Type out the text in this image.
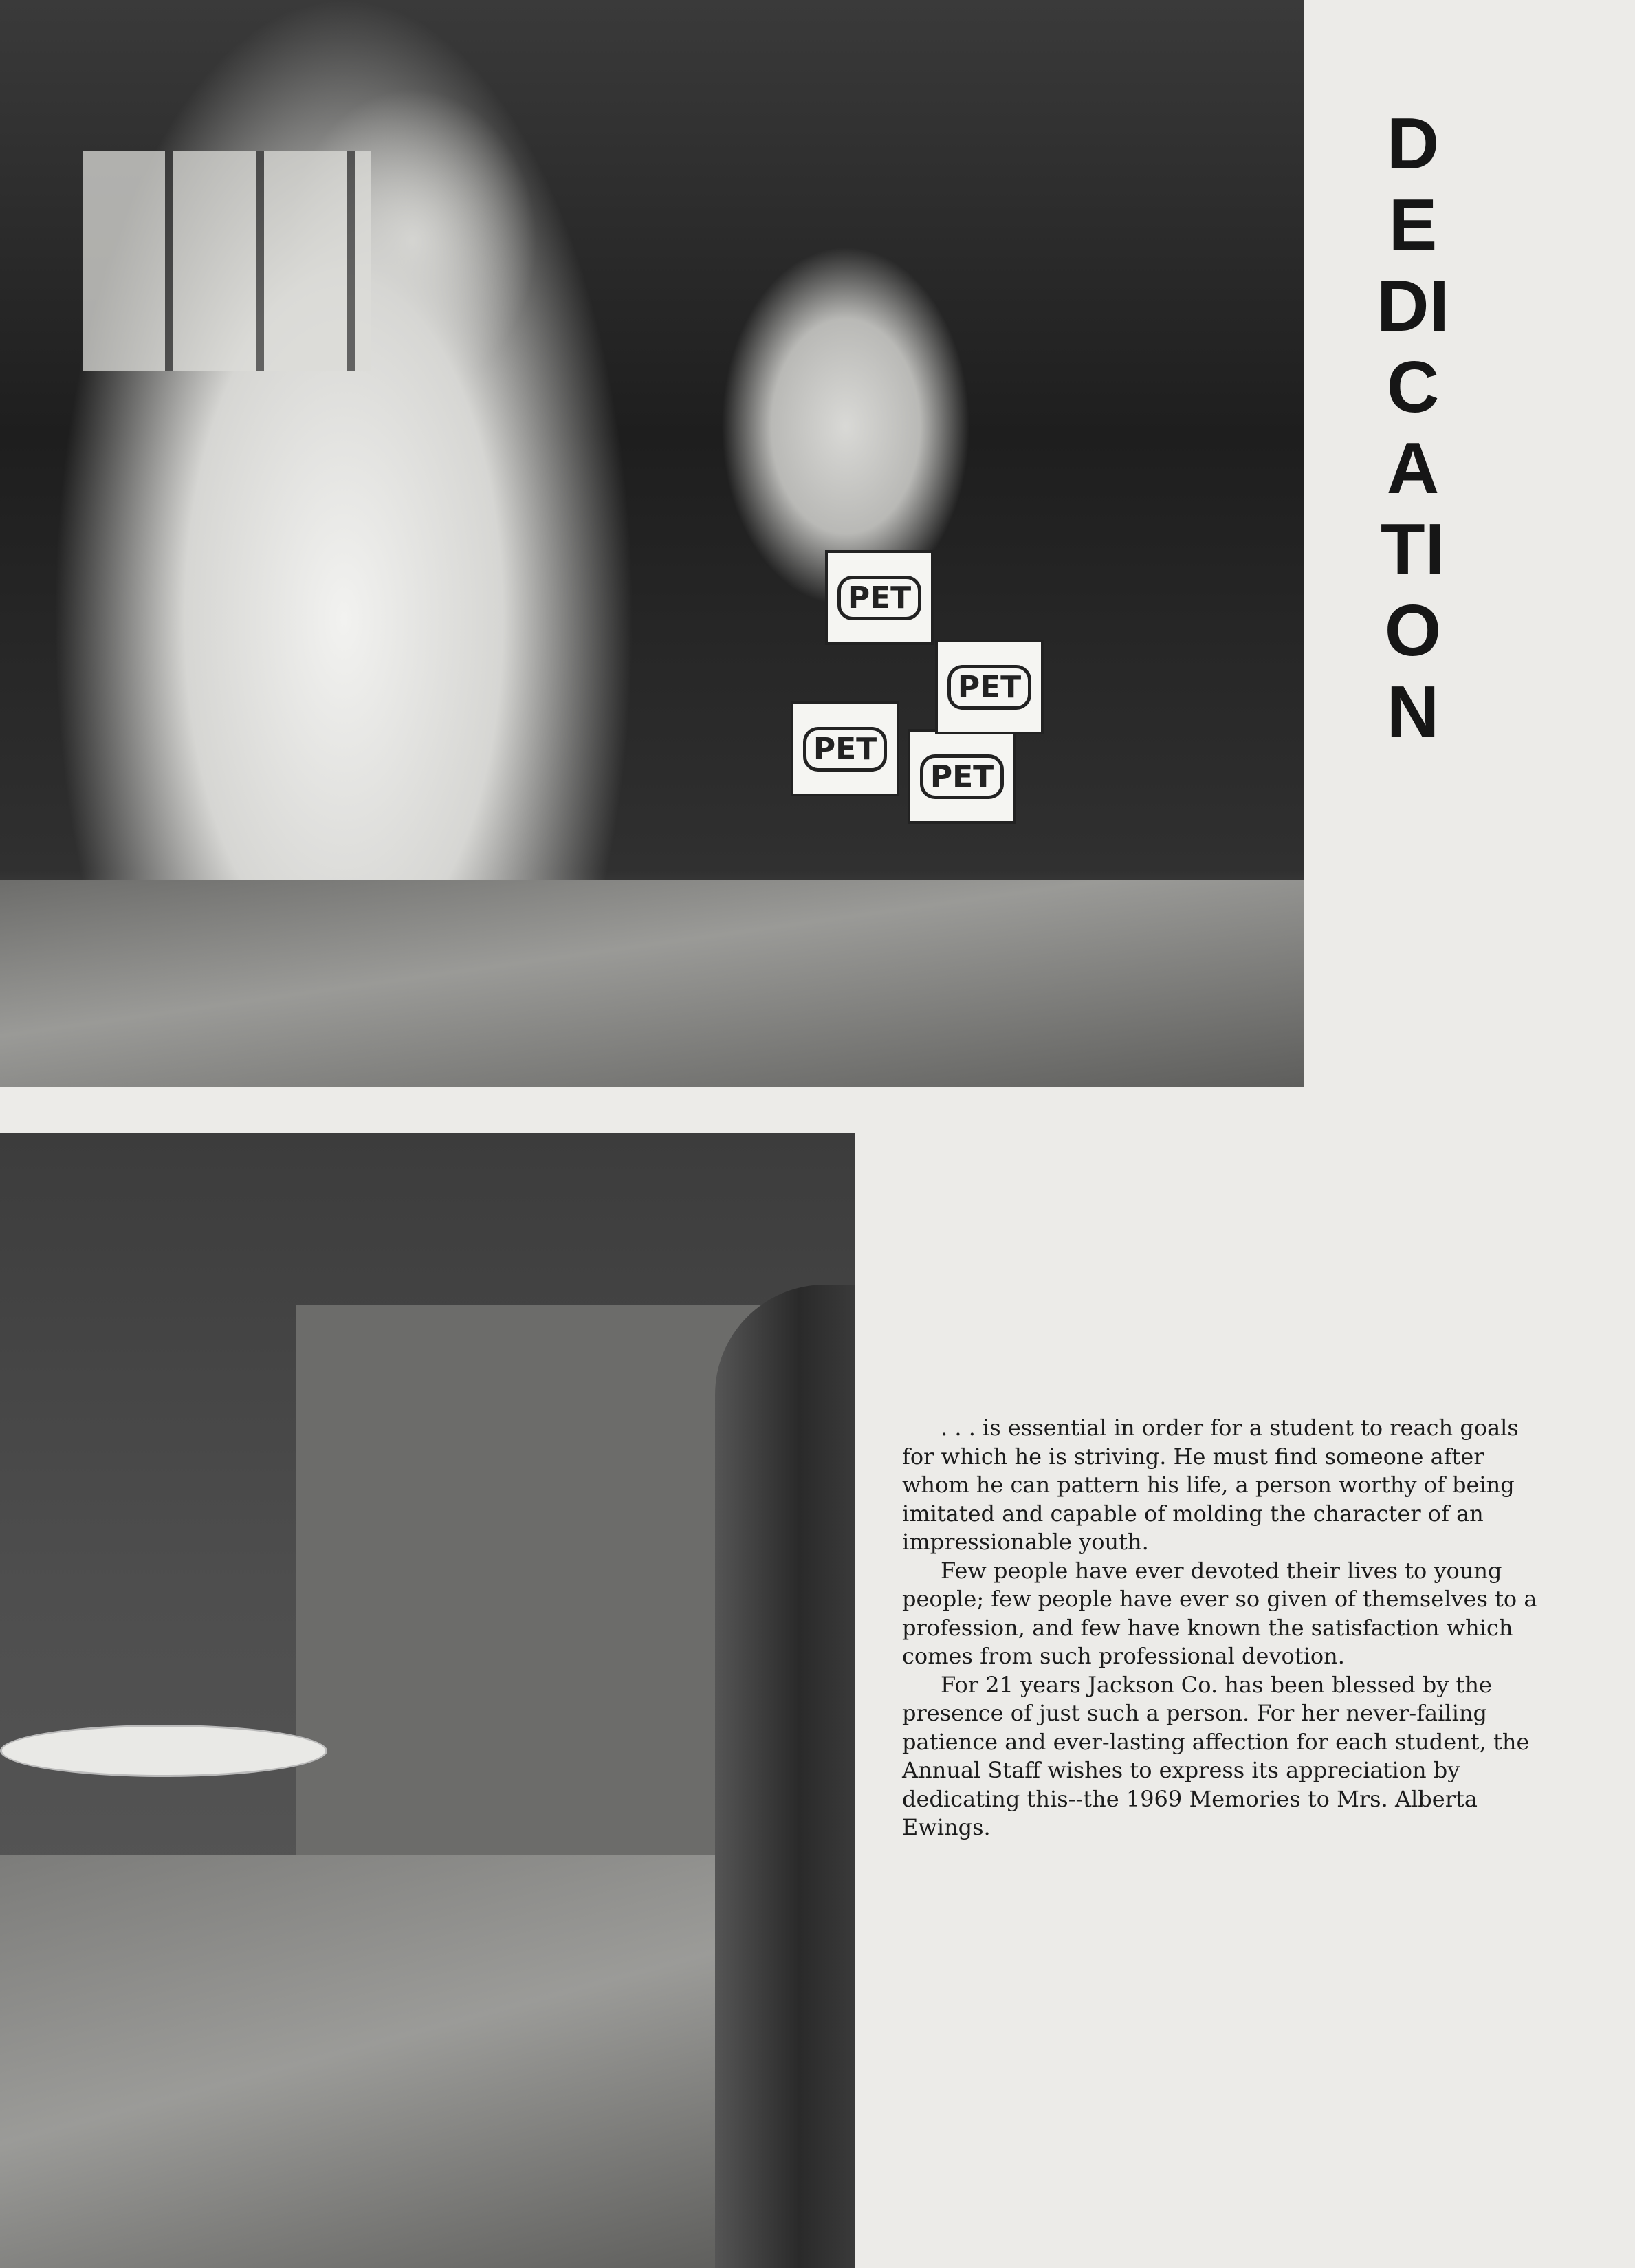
PET
PET
PET
PET
DEDICATION

. . . is essential in order for a student to reach goals for which he is striving. He must find someone after whom he can pattern his life, a person worthy of being imitated and capable of molding the character of an impressionable youth.

Few people have ever devoted their lives to young people; few people have ever so given of themselves to a profession, and few have known the satisfaction which comes from such professional devotion.

For 21 years Jackson Co. has been blessed by the presence of just such a person. For her never-failing patience and ever-lasting affection for each student, the Annual Staff wishes to express its appreciation by dedicating this--the 1969 Memories to Mrs. Alberta Ewings.
